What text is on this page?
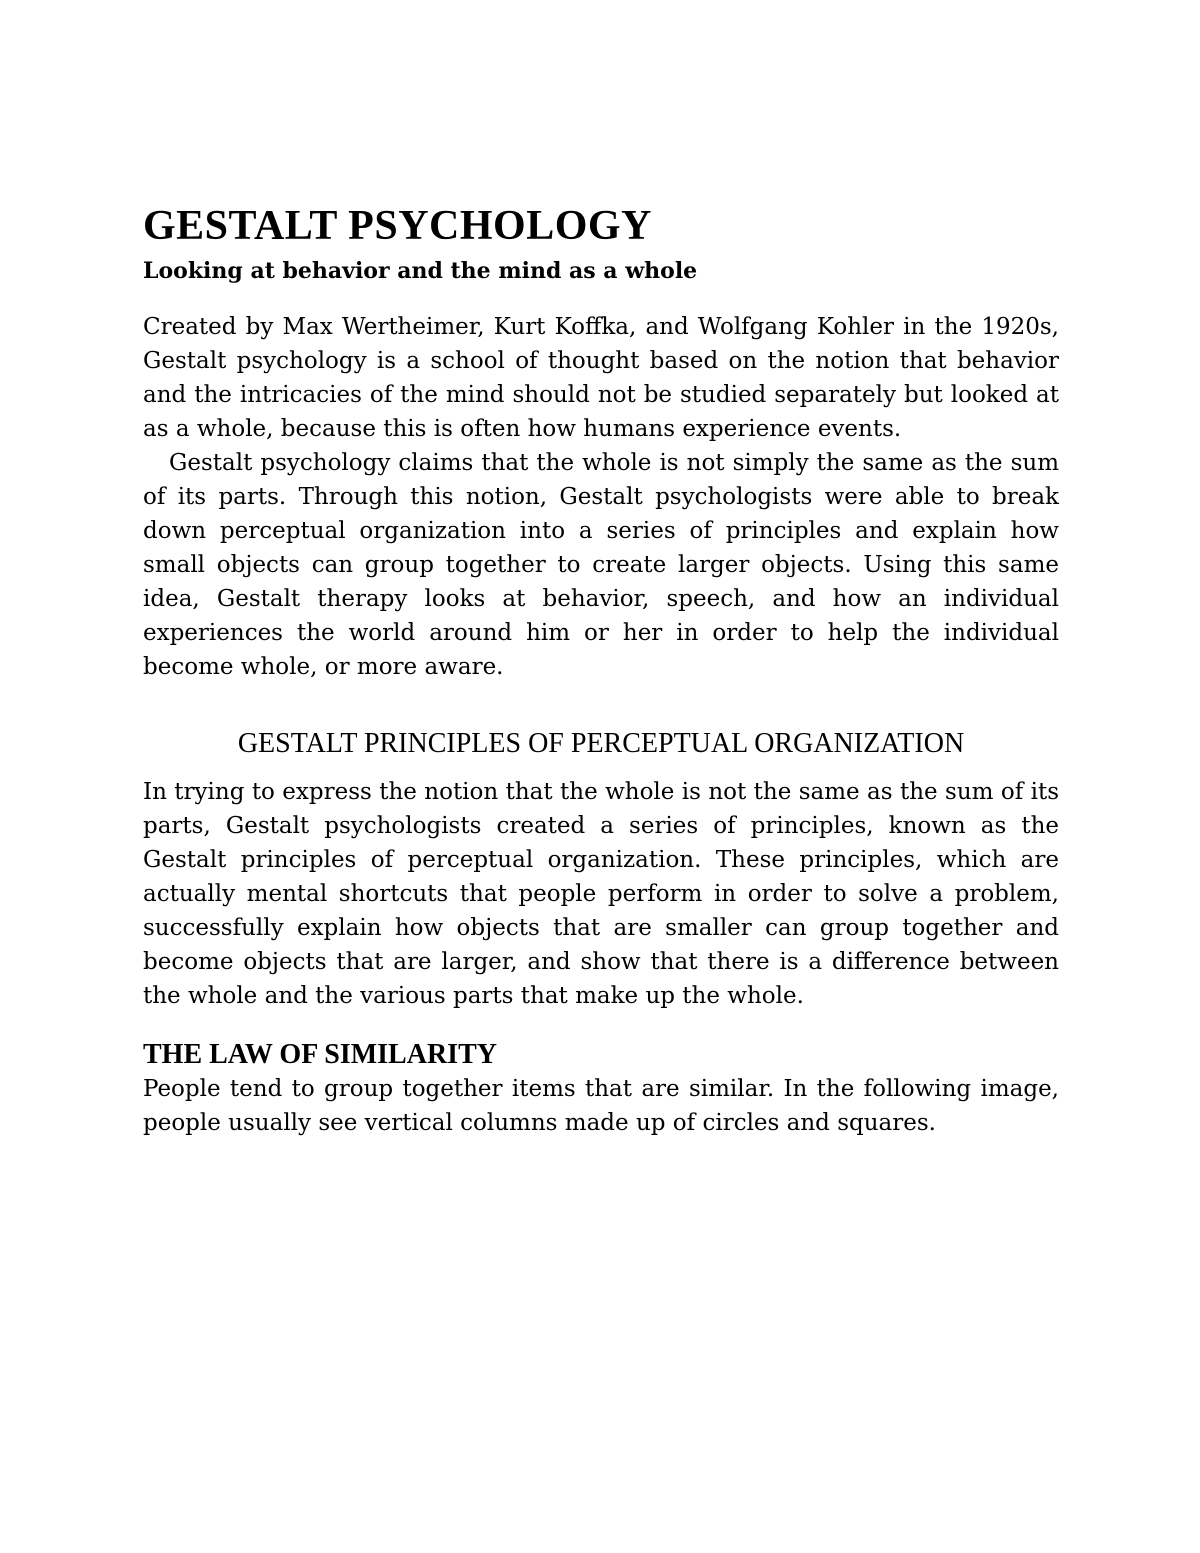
GESTALT PSYCHOLOGY
Looking at behavior and the mind as a whole

Created by Max Wertheimer, Kurt Koffka, and Wolfgang Kohler in the 1920s, Gestalt psychology is a school of thought based on the notion that behavior and the intricacies of the mind should not be studied separately but looked at as a whole, because this is often how humans experience events.

Gestalt psychology claims that the whole is not simply the same as the sum of its parts. Through this notion, Gestalt psychologists were able to break down perceptual organization into a series of principles and explain how small objects can group together to create larger objects. Using this same idea, Gestalt therapy looks at behavior, speech, and how an individual experiences the world around him or her in order to help the individual become whole, or more aware.

GESTALT PRINCIPLES OF PERCEPTUAL ORGANIZATION

In trying to express the notion that the whole is not the same as the sum of its parts, Gestalt psychologists created a series of principles, known as the Gestalt principles of perceptual organization. These principles, which are actually mental shortcuts that people perform in order to solve a problem, successfully explain how objects that are smaller can group together and become objects that are larger, and show that there is a difference between the whole and the various parts that make up the whole.

THE LAW OF SIMILARITY

People tend to group together items that are similar. In the following image, people usually see vertical columns made up of circles and squares.
